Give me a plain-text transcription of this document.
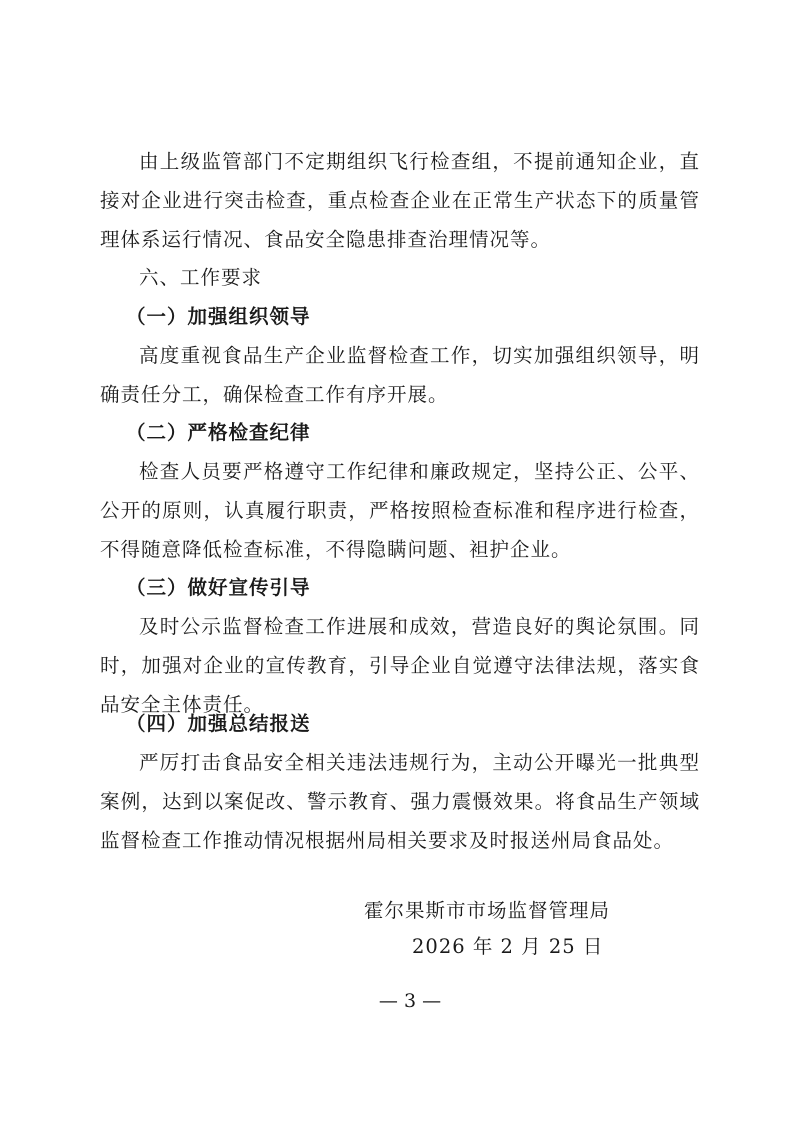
由上级监管部门不定期组织飞行检查组，不提前通知企业，直接对企业进行突击检查，重点检查企业在正常生产状态下的质量管理体系运行情况、食品安全隐患排查治理情况等。

六、工作要求

（一）加强组织领导

高度重视食品生产企业监督检查工作，切实加强组织领导，明确责任分工，确保检查工作有序开展。

（二）严格检查纪律

检查人员要严格遵守工作纪律和廉政规定，坚持公正、公平、公开的原则，认真履行职责，严格按照检查标准和程序进行检查，不得随意降低检查标准，不得隐瞒问题、袒护企业。

（三）做好宣传引导

及时公示监督检查工作进展和成效，营造良好的舆论氛围。同时，加强对企业的宣传教育，引导企业自觉遵守法律法规，落实食品安全主体责任。

（四）加强总结报送

严厉打击食品安全相关违法违规行为，主动公开曝光一批典型案例，达到以案促改、警示教育、强力震慑效果。将食品生产领域监督检查工作推动情况根据州局相关要求及时报送州局食品处。

霍尔果斯市市场监督管理局

2026 年 2 月 25 日

— 3 —
